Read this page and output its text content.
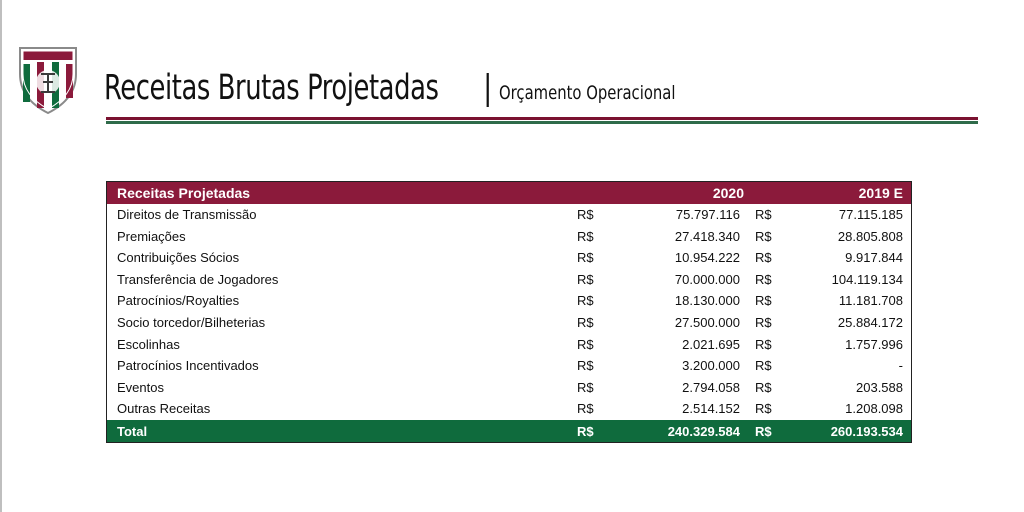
Receitas Brutas Projetadas | Orçamento Operacional
Receitas Projetadas	2020	2019 E
Direitos de Transmissão	R$	75.797.116 R$	77.115.185
Premiações	R$	27.418.340 R$	28.805.808
Contribuições Sócios	R$	10.954.222 R$	9.917.844
Transferência de Jogadores	R$	70.000.000 R$	104.119.134
Patrocínios/Royalties	R$	18.130.000 R$	11.181.708
Socio torcedor/Bilheterias	R$	27.500.000 R$	25.884.172
Escolinhas	R$	2.021.695 R$	1.757.996
Patrocínios Incentivados	R$	3.200.000 R$	-
Eventos	R$	2.794.058 R$	203.588
Outras Receitas	R$	2.514.152 R$	1.208.098
Total	R$	240.329.584 R$	260.193.534
